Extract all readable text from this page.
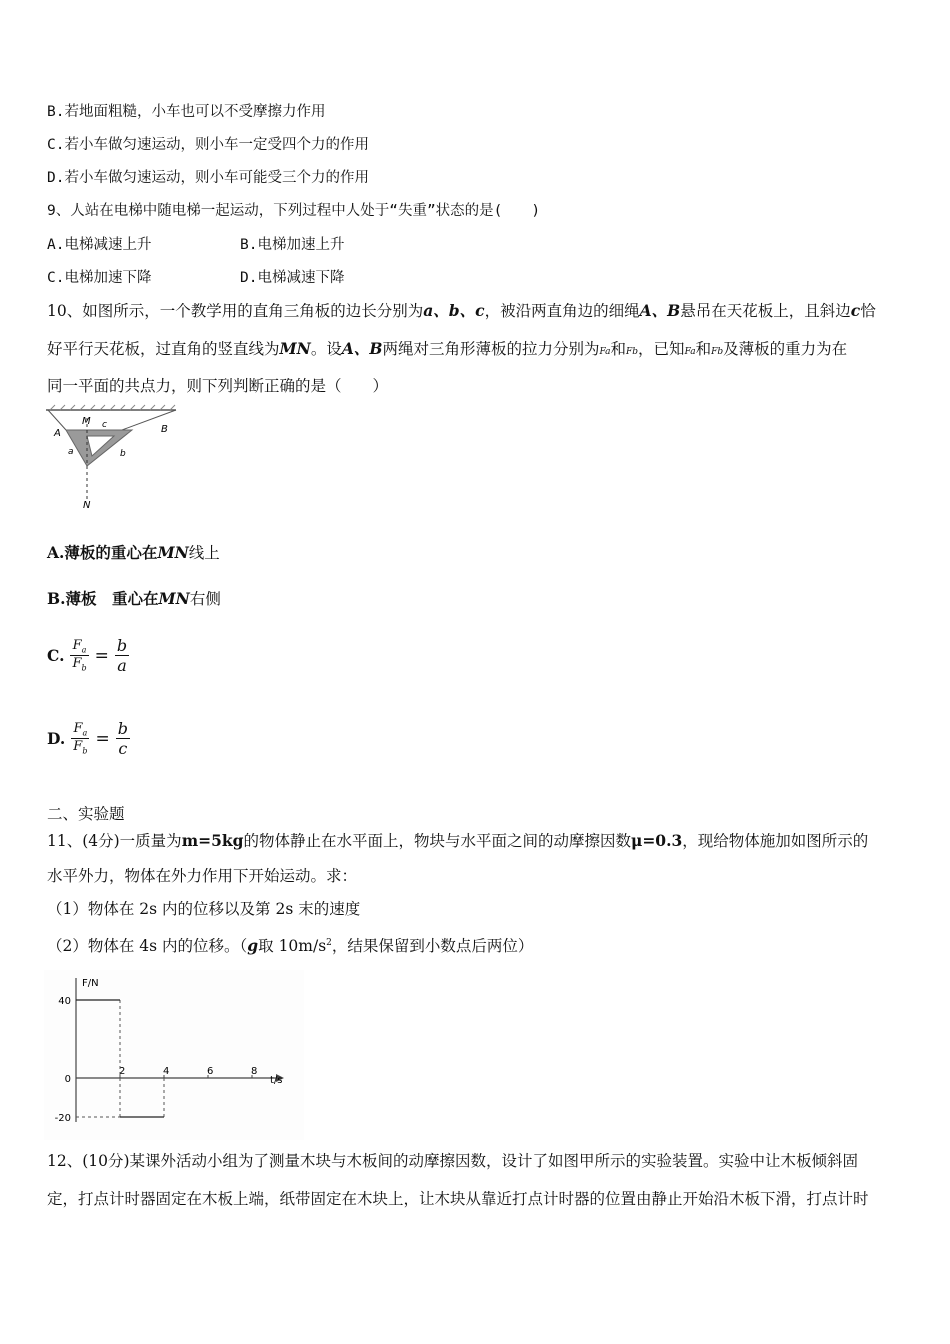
B.若地面粗糙，小车也可以不受摩擦力作用
C.若小车做匀速运动，则小车一定受四个力的作用
D.若小车做匀速运动，则小车可能受三个力的作用
9、人站在电梯中随电梯一起运动，下列过程中人处于“失重”状态的是(　　)
A.电梯减速上升	B.电梯加速上升
C.电梯加速下降	D.电梯减速下降
10、如图所示，一个教学用的直角三角板的边长分别为a、b、c，被沿两直角边的细绳A、B悬吊在天花板上，且斜边c恰
好平行天花板，过直角的竖直线为MN。设A、B两绳对三角形薄板的拉力分别为Fa和Fb，已知Fa和Fb及薄板的重力为在
同一平面的共点力，则下列判断正确的是（　　）
M
N
A	B
c
a	b
A.薄板的重心在MN线上
B.薄板　重心在MN右侧
C. $\frac{F_a}{F_b} = \frac{b}{a}$
D. $\frac{F_a}{F_b} = \frac{b}{c}$
二、实验题
11、(4分)一质量为m=5kg的物体静止在水平面上，物块与水平面之间的动摩擦因数μ=0.3，现给物体施加如图所示的
水平外力，物体在外力作用下开始运动。求：
（1）物体在 2s 内的位移以及第 2s 末的速度
（2）物体在 4s 内的位移。（g取 $10m/s^2$，结果保留到小数点后两位）
F/N
t/s
2	4	6	8
40
0
-20
12、(10分)某课外活动小组为了测量木块与木板间的动摩擦因数，设计了如图甲所示的实验装置。实验中让木板倾斜固
定，打点计时器固定在木板上端，纸带固定在木块上，让木块从靠近打点计时器的位置由静止开始沿木板下滑，打点计时
